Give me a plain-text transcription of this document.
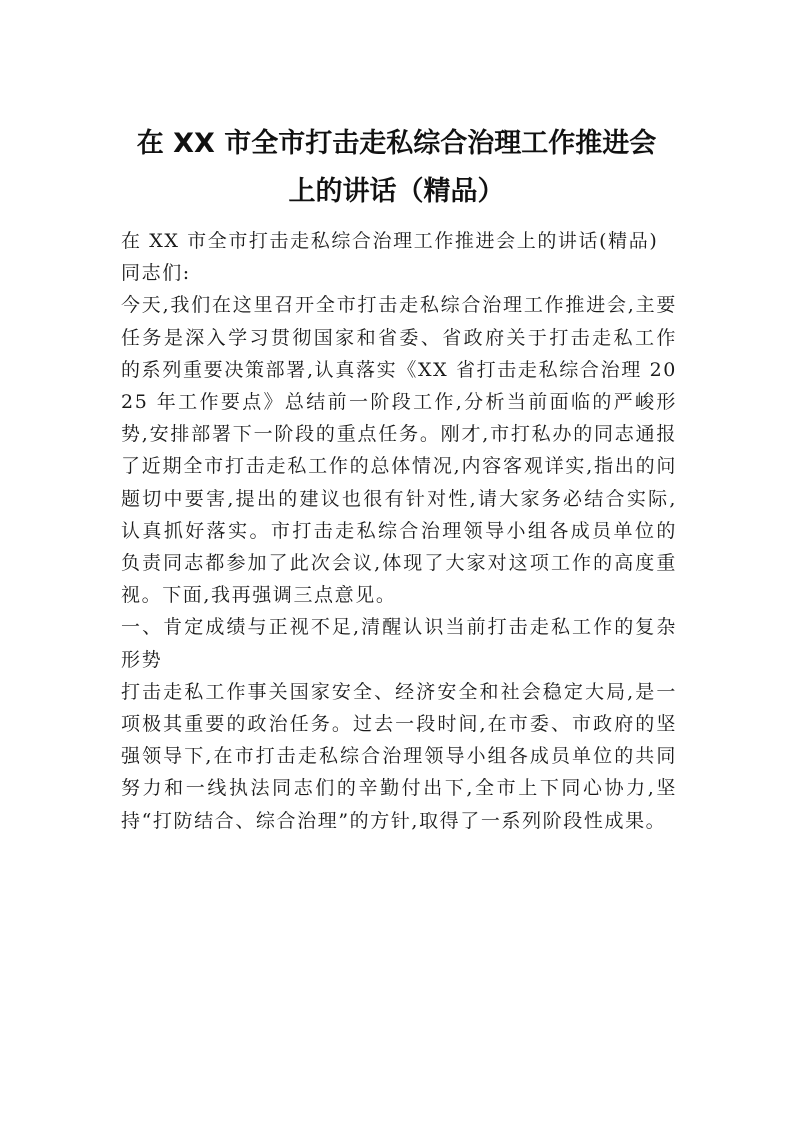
在 XX 市全市打击走私综合治理工作推进会
上的讲话（精品）

在 XX 市全市打击走私综合治理工作推进会上的讲话(精品)

同志们:

今天,我们在这里召开全市打击走私综合治理工作推进会,主要任务是深入学习贯彻国家和省委、省政府关于打击走私工作的系列重要决策部署,认真落实《XX 省打击走私综合治理 2025 年工作要点》总结前一阶段工作,分析当前面临的严峻形势,安排部署下一阶段的重点任务。刚才,市打私办的同志通报了近期全市打击走私工作的总体情况,内容客观详实,指出的问题切中要害,提出的建议也很有针对性,请大家务必结合实际,认真抓好落实。市打击走私综合治理领导小组各成员单位的负责同志都参加了此次会议,体现了大家对这项工作的高度重视。下面,我再强调三点意见。

一、肯定成绩与正视不足,清醒认识当前打击走私工作的复杂形势

打击走私工作事关国家安全、经济安全和社会稳定大局,是一项极其重要的政治任务。过去一段时间,在市委、市政府的坚强领导下,在市打击走私综合治理领导小组各成员单位的共同努力和一线执法同志们的辛勤付出下,全市上下同心协力,坚持“打防结合、综合治理”的方针,取得了一系列阶段性成果。
